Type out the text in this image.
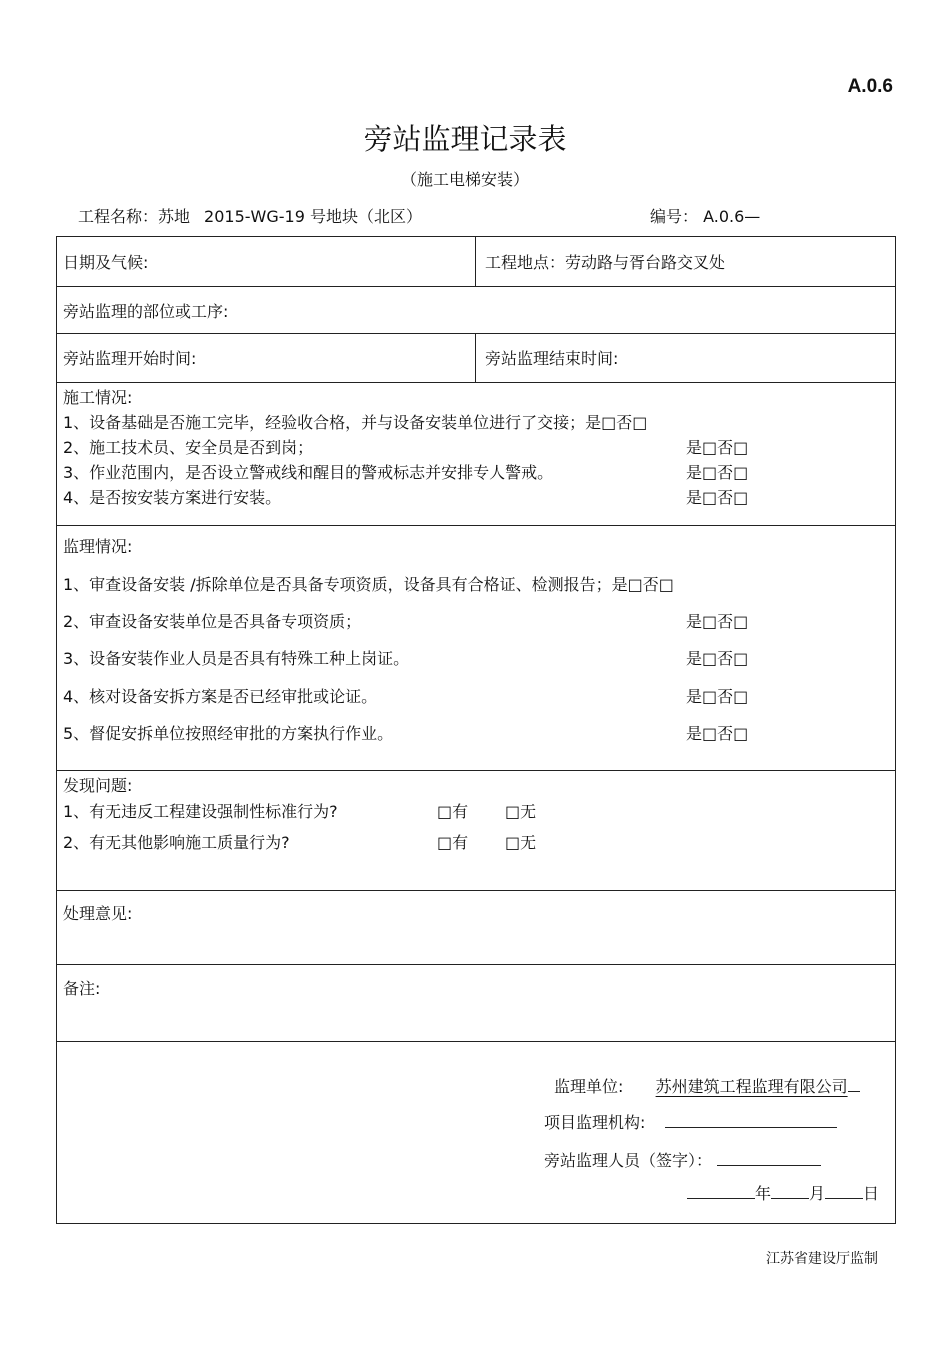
A.0.6
旁站监理记录表
（施工电梯安装）
工程名称：苏地 2015-WG-19 号地块（北区）	编号： A.0.6—
日期及气候:	工程地点：劳动路与胥台路交叉处
旁站监理的部位或工序:
旁站监理开始时间:	旁站监理结束时间:
施工情况:
1、设备基础是否施工完毕，经验收合格，并与设备安装单位进行了交接；是□否□
2、施工技术员、安全员是否到岗；	是□否□
3、作业范围内，是否设立警戒线和醒目的警戒标志并安排专人警戒。	是□否□
4、是否按安装方案进行安装。	是□否□
监理情况:
1、审查设备安装 /拆除单位是否具备专项资质，设备具有合格证、检测报告；是□否□
2、审查设备安装单位是否具备专项资质；	是□否□
3、设备安装作业人员是否具有特殊工种上岗证。	是□否□
4、核对设备安拆方案是否已经审批或论证。	是□否□
5、督促安拆单位按照经审批的方案执行作业。	是□否□
发现问题:
1、有无违反工程建设强制性标准行为?	□有 □无
2、有无其他影响施工质量行为?	□有 □无
处理意见:
备注:
监理单位: 苏州建筑工程监理有限公司
项目监理机构:
旁站监理人员（签字）：
年 月 日
江苏省建设厅监制
